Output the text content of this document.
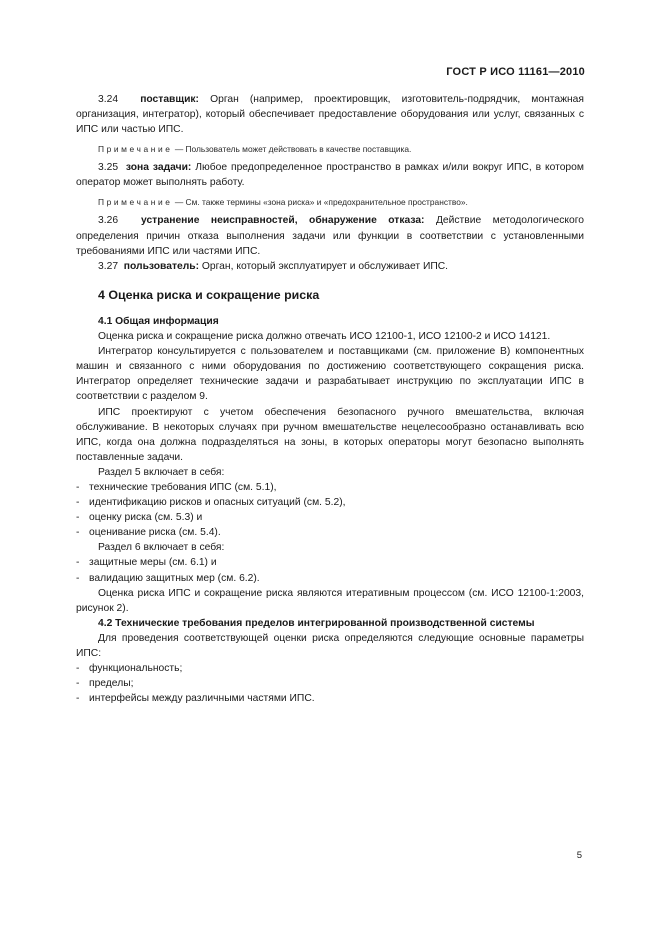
ГОСТ Р ИСО 11161—2010

3.24 поставщик: Орган (например, проектировщик, изготовитель-подрядчик, монтажная организация, интегратор), который обеспечивает предоставление оборудования или услуг, связанных с ИПС или частью ИПС.

Примечание — Пользователь может действовать в качестве поставщика.

3.25 зона задачи: Любое предопределенное пространство в рамках и/или вокруг ИПС, в котором оператор может выполнять работу.

Примечание — См. также термины «зона риска» и «предохранительное пространство».

3.26 устранение неисправностей, обнаружение отказа: Действие методологического определения причин отказа выполнения задачи или функции в соответствии с установленными требованиями ИПС или частями ИПС.

3.27 пользователь: Орган, который эксплуатирует и обслуживает ИПС.

4 Оценка риска и сокращение риска
4.1 Общая информация

Оценка риска и сокращение риска должно отвечать ИСО 12100-1, ИСО 12100-2 и ИСО 14121.

Интегратор консультируется с пользователем и поставщиками (см. приложение В) компонентных машин и связанного с ними оборудования по достижению соответствующего сокращения риска. Интегратор определяет технические задачи и разрабатывает инструкцию по эксплуатации ИПС в соответствии с разделом 9.

ИПС проектируют с учетом обеспечения безопасного ручного вмешательства, включая обслуживание. В некоторых случаях при ручном вмешательстве нецелесообразно останавливать всю ИПС, когда она должна подразделяться на зоны, в которых операторы могут безопасно выполнять поставленные задачи.

Раздел 5 включает в себя:

- технические требования ИПС (см. 5.1),
- идентификацию рисков и опасных ситуаций (см. 5.2),
- оценку риска (см. 5.3) и
- оценивание риска (см. 5.4).

Раздел 6 включает в себя:

- защитные меры (см. 6.1) и
- валидацию защитных мер (см. 6.2).

Оценка риска ИПС и сокращение риска являются итеративным процессом (см. ИСО 12100-1:2003, рисунок 2).

4.2 Технические требования пределов интегрированной производственной системы

Для проведения соответствующей оценки риска определяются следующие основные параметры ИПС:

- функциональность;
- пределы;
- интерфейсы между различными частями ИПС.
5
